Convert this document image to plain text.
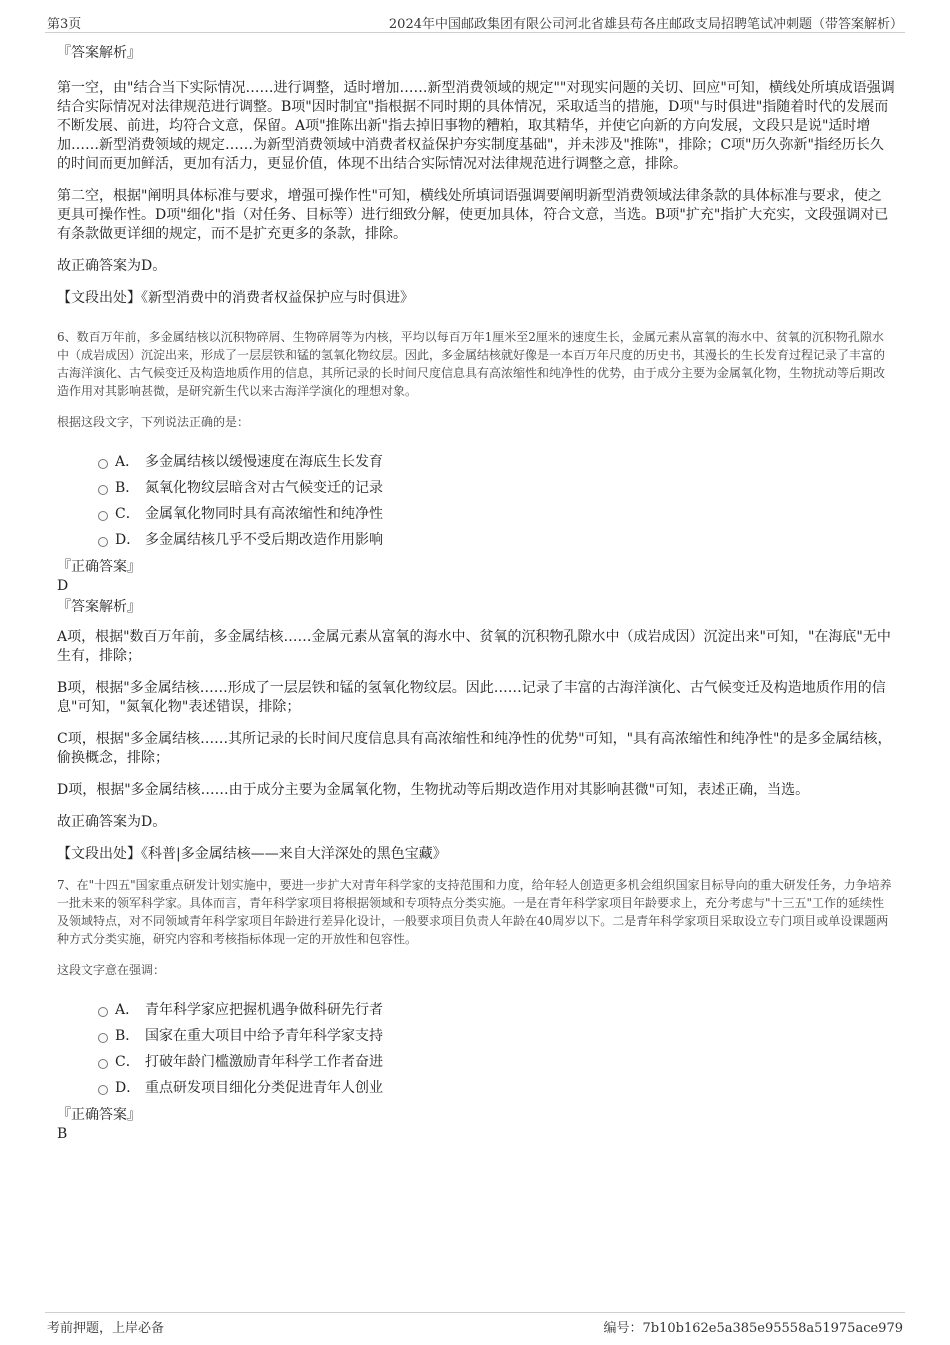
第3页	2024年中国邮政集团有限公司河北省雄县苟各庄邮政支局招聘笔试冲刺题（带答案解析）

『答案解析』

第一空，由"结合当下实际情况……进行调整，适时增加……新型消费领域的规定""对现实问题的关切、回应"可知，横线处所填成语强调结合实际情况对法律规范进行调整。B项"因时制宜"指根据不同时期的具体情况，采取适当的措施，D项"与时俱进"指随着时代的发展而不断发展、前进，均符合文意，保留。A项"推陈出新"指去掉旧事物的糟粕，取其精华，并使它向新的方向发展，文段只是说"适时增加……新型消费领域的规定……为新型消费领域中消费者权益保护夯实制度基础"，并未涉及"推陈"，排除；C项"历久弥新"指经历长久的时间而更加鲜活，更加有活力，更显价值，体现不出结合实际情况对法律规范进行调整之意，排除。

第二空，根据"阐明具体标准与要求，增强可操作性"可知，横线处所填词语强调要阐明新型消费领域法律条款的具体标准与要求，使之更具可操作性。D项"细化"指（对任务、目标等）进行细致分解，使更加具体，符合文意，当选。B项"扩充"指扩大充实，文段强调对已有条款做更详细的规定，而不是扩充更多的条款，排除。

故正确答案为D。

【文段出处】《新型消费中的消费者权益保护应与时俱进》

6、数百万年前，多金属结核以沉积物碎屑、生物碎屑等为内核，平均以每百万年1厘米至2厘米的速度生长，金属元素从富氧的海水中、贫氧的沉积物孔隙水中（成岩成因）沉淀出来，形成了一层层铁和锰的氢氧化物纹层。因此，多金属结核就好像是一本百万年尺度的历史书，其漫长的生长发育过程记录了丰富的古海洋演化、古气候变迁及构造地质作用的信息，其所记录的长时间尺度信息具有高浓缩性和纯净性的优势，由于成分主要为金属氧化物，生物扰动等后期改造作用对其影响甚微，是研究新生代以来古海洋学演化的理想对象。

根据这段文字，下列说法正确的是：

A． 多金属结核以缓慢速度在海底生长发育
B． 氮氧化物纹层暗含对古气候变迁的记录
C． 金属氧化物同时具有高浓缩性和纯净性
D． 多金属结核几乎不受后期改造作用影响

『正确答案』

D

『答案解析』

A项，根据"数百万年前，多金属结核……金属元素从富氧的海水中、贫氧的沉积物孔隙水中（成岩成因）沉淀出来"可知，"在海底"无中生有，排除；

B项，根据"多金属结核……形成了一层层铁和锰的氢氧化物纹层。因此……记录了丰富的古海洋演化、古气候变迁及构造地质作用的信息"可知，"氮氧化物"表述错误，排除；

C项，根据"多金属结核……其所记录的长时间尺度信息具有高浓缩性和纯净性的优势"可知，"具有高浓缩性和纯净性"的是多金属结核，偷换概念，排除；

D项，根据"多金属结核……由于成分主要为金属氧化物，生物扰动等后期改造作用对其影响甚微"可知，表述正确，当选。

故正确答案为D。

【文段出处】《科普|多金属结核——来自大洋深处的黑色宝藏》

7、在"十四五"国家重点研发计划实施中，要进一步扩大对青年科学家的支持范围和力度，给年轻人创造更多机会组织国家目标导向的重大研发任务，力争培养一批未来的领军科学家。具体而言，青年科学家项目将根据领域和专项特点分类实施。一是在青年科学家项目年龄要求上，充分考虑与"十三五"工作的延续性及领域特点，对不同领域青年科学家项目年龄进行差异化设计，一般要求项目负责人年龄在40周岁以下。二是青年科学家项目采取设立专门项目或单设课题两种方式分类实施，研究内容和考核指标体现一定的开放性和包容性。

这段文字意在强调：

A． 青年科学家应把握机遇争做科研先行者
B． 国家在重大项目中给予青年科学家支持
C． 打破年龄门槛激励青年科学工作者奋进
D． 重点研发项目细化分类促进青年人创业

『正确答案』

B

考前押题，上岸必备	编号：7b10b162e5a385e95558a51975ace979
